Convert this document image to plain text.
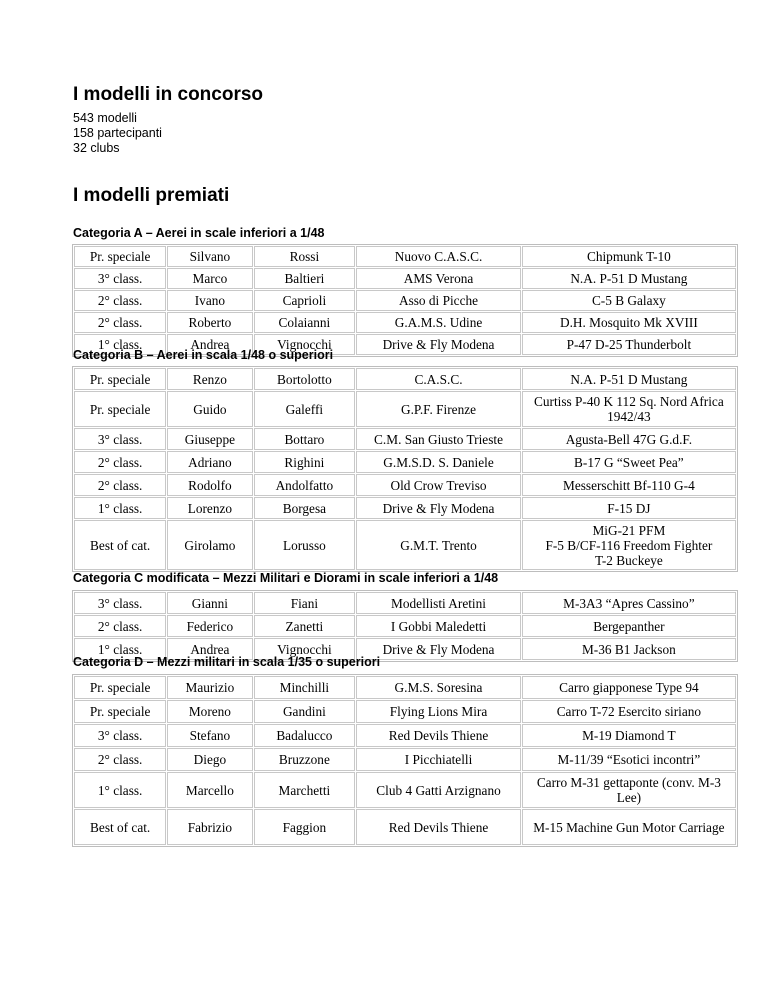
I modelli in concorso
543 modelli
158 partecipanti
32 clubs
I modelli premiati
Categoria A – Aerei in scale inferiori a 1/48
Pr. speciale	Silvano	Rossi	Nuovo C.A.S.C.	Chipmunk T-10
3° class.	Marco	Baltieri	AMS Verona	N.A. P-51 D Mustang
2° class.	Ivano	Caprioli	Asso di Picche	C-5 B Galaxy
2° class.	Roberto	Colaianni	G.A.M.S. Udine	D.H. Mosquito Mk XVIII
1° class.	Andrea	Vignocchi	Drive & Fly Modena	P-47 D-25 Thunderbolt
Categoria B – Aerei in scala 1/48 o superiori
Pr. speciale	Renzo	Bortolotto	C.A.S.C.	N.A. P-51 D Mustang
Pr. speciale	Guido	Galeffi	G.P.F. Firenze	Curtiss P-40 K 112 Sq. Nord Africa 1942/43
3° class.	Giuseppe	Bottaro	C.M. San Giusto Trieste	Agusta-Bell 47G G.d.F.
2° class.	Adriano	Righini	G.M.S.D. S. Daniele	B-17 G “Sweet Pea”
2° class.	Rodolfo	Andolfatto	Old Crow Treviso	Messerschitt Bf-110 G-4
1° class.	Lorenzo	Borgesa	Drive & Fly Modena	F-15 DJ
Best of cat.	Girolamo	Lorusso	G.M.T. Trento	MiG-21 PFM
F-5 B/CF-116 Freedom Fighter
T-2 Buckeye
Categoria C modificata – Mezzi Militari e Diorami in scale inferiori a 1/48
3° class.	Gianni	Fiani	Modellisti Aretini	M-3A3 “Apres Cassino”
2° class.	Federico	Zanetti	I Gobbi Maledetti	Bergepanther
1° class.	Andrea	Vignocchi	Drive & Fly Modena	M-36 B1 Jackson
Categoria D – Mezzi militari in scala 1/35 o superiori
Pr. speciale	Maurizio	Minchilli	G.M.S. Soresina	Carro giapponese Type 94
Pr. speciale	Moreno	Gandini	Flying Lions Mira	Carro T-72 Esercito siriano
3° class.	Stefano	Badalucco	Red Devils Thiene	M-19 Diamond T
2° class.	Diego	Bruzzone	I Picchiatelli	M-11/39 “Esotici incontri”
1° class.	Marcello	Marchetti	Club 4 Gatti Arzignano	Carro M-31 gettaponte (conv. M-3 Lee)
Best of cat.	Fabrizio	Faggion	Red Devils Thiene	M-15 Machine Gun Motor Carriage
